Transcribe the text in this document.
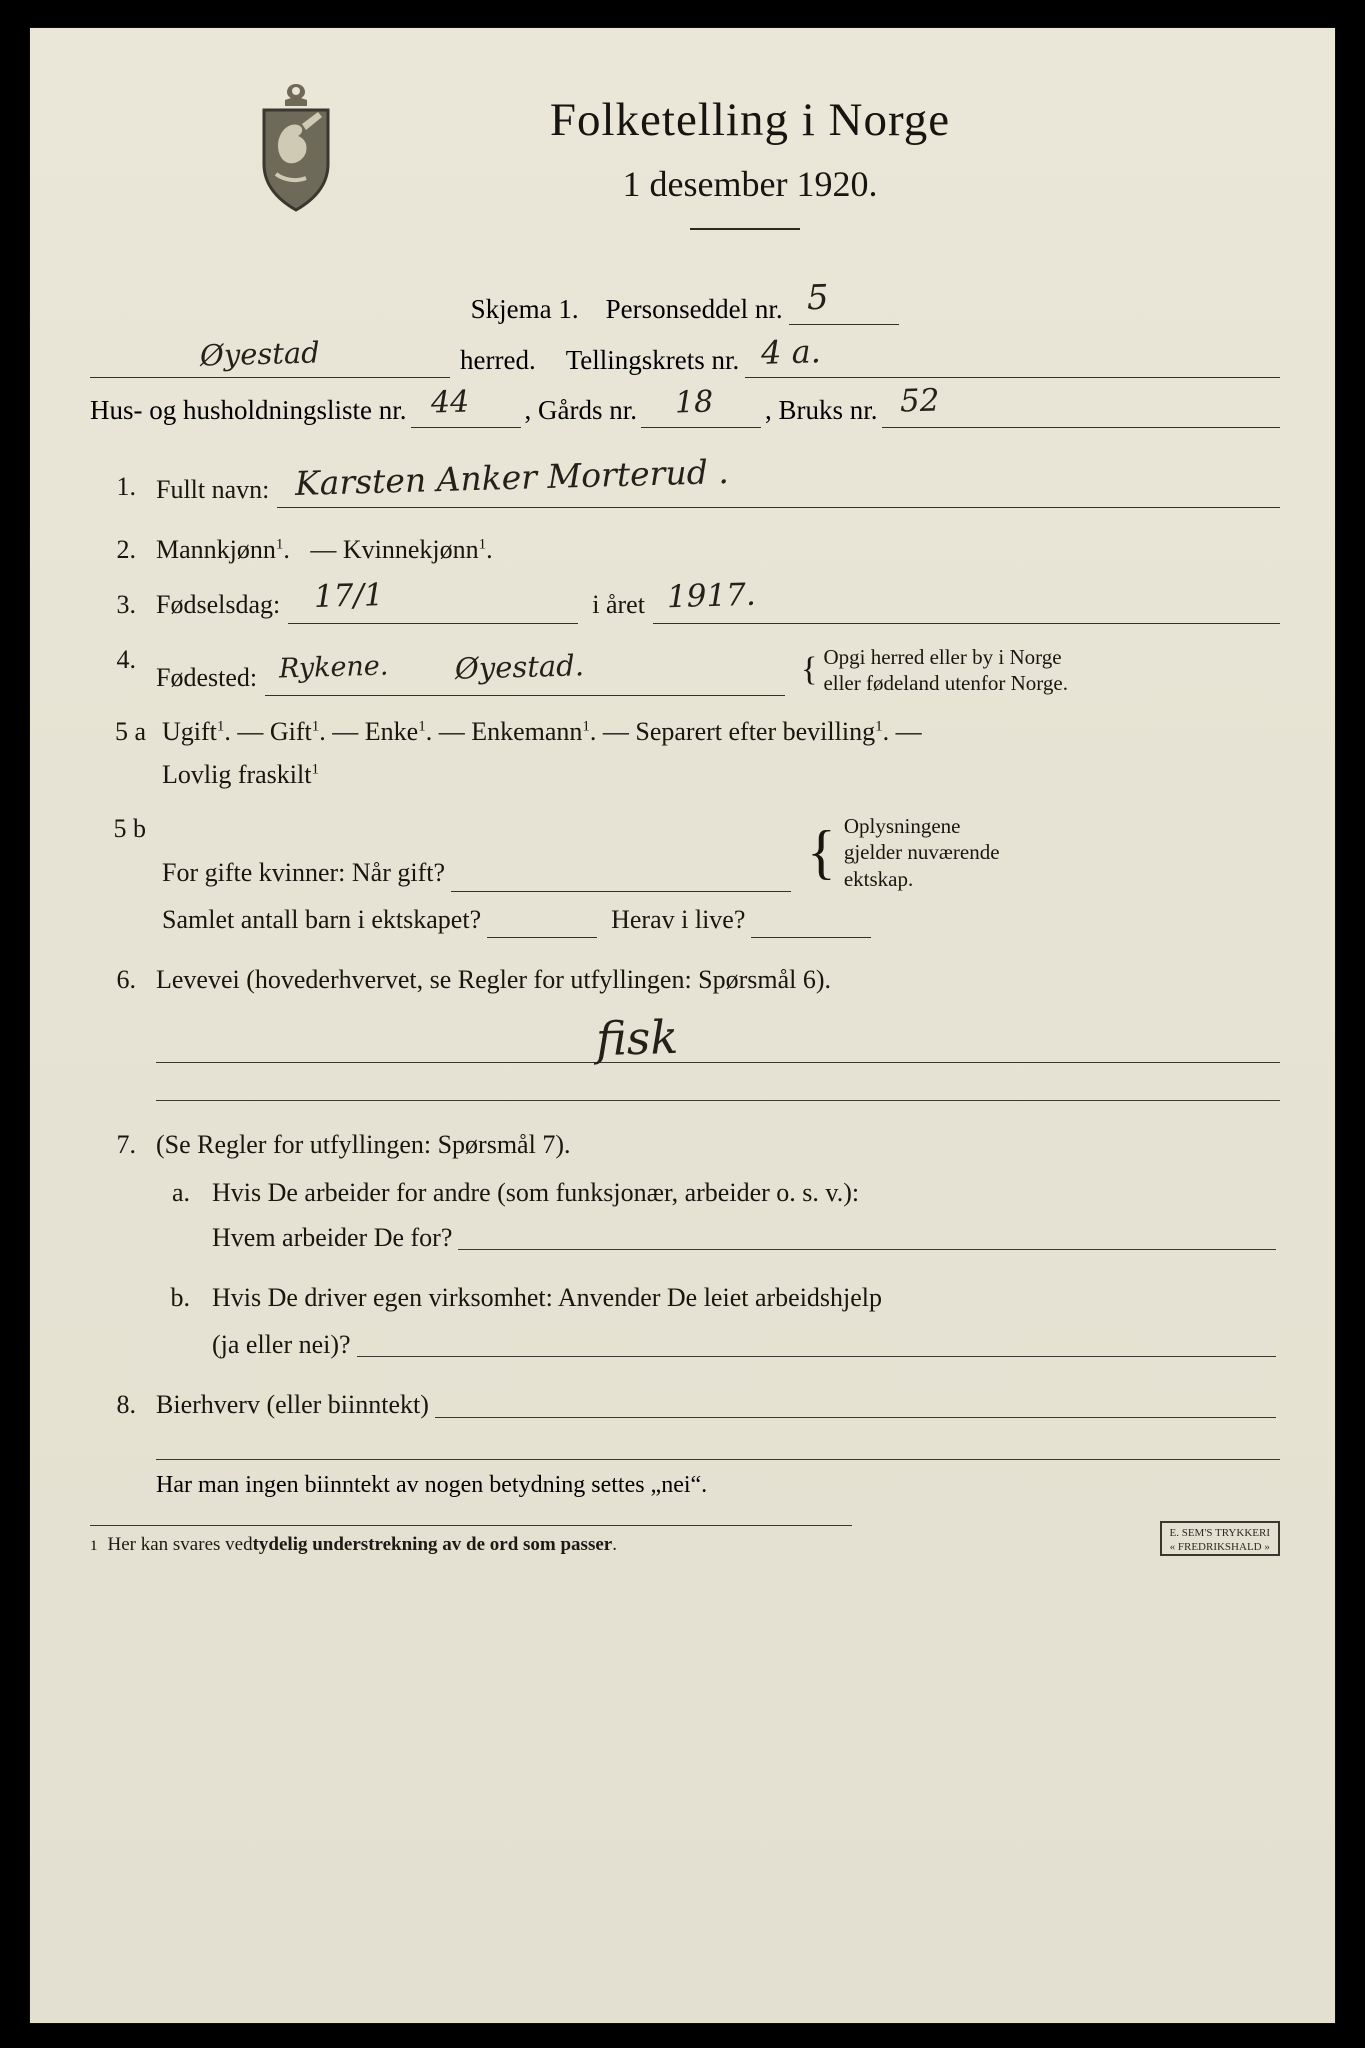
Folketelling i Norge
1 desember 1920.
Skjema 1. Personseddel nr. 5
Øyestad	herred.	Tellingskrets nr. 4 a.
Hus- og husholdningsliste nr. 44 , Gårds nr. 18 , Bruks nr. 52
1. Fullt navn: Karsten Anker Morterud .
2. Mannkjønn$^1$. — Kvinnekjønn$^1$.
3. Fødselsdag: 17/1	i året 1917.
4.
Fødested: Rykene. Øyestad.	{ Opgi herred eller by i Norge
eller fødeland utenfor Norge.
5 a Ugift$^1$. — Gift$^1$. — Enke$^1$. — Enkemann$^1$. — Separert efter bevilling$^1$. —
Lovlig fraskilt$^1$
5 b
For gifte kvinner: Når gift?	{ Oplysningene
gjelder nuværende
ektskap.
Samlet antall barn i ektskapet?	Herav i live?
6. Levevei (hovederhvervet, se Regler for utfyllingen: Spørsmål 6).
fisk
7. (Se Regler for utfyllingen: Spørsmål 7).
a. Hvis De arbeider for andre (som funksjonær, arbeider o. s. v.):
Hvem arbeider De for?
b. Hvis De driver egen virksomhet: Anvender De leiet arbeidshjelp
(ja eller nei)?
8. Bierhverv (eller biinntekt)
Har man ingen biinntekt av nogen betydning settes „nei“.
1 Her kan svares ved tydelig understrekning av de ord som passer .
E. SEM'S TRYKKERI
« FREDRIKSHALD »
